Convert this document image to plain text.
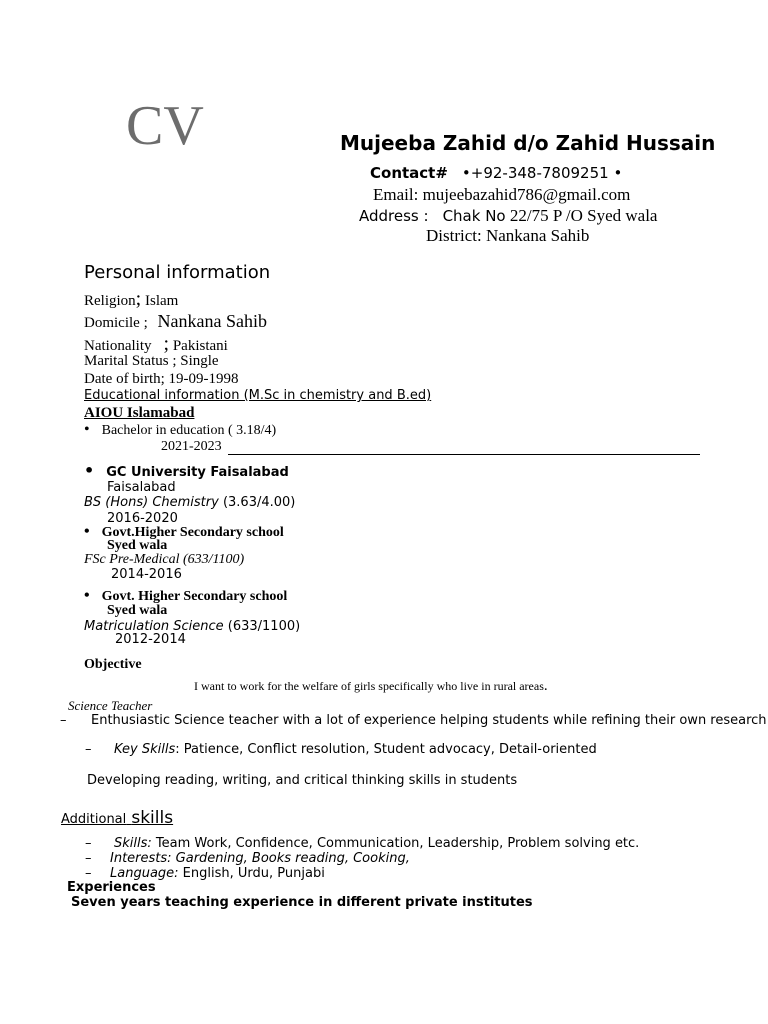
CV	Mujeeba Zahid d/o Zahid Hussain
Contact# •+92-348-7809251 •
Email: mujeebazahid786@gmail.com
Address : Chak No 22/75 P /O Syed wala
District: Nankana Sahib
Personal information
Religion; Islam
Domicile ; Nankana Sahib
Nationality ; Pakistani
Marital Status ; Single
Date of birth; 19-09-1998
Educational information (M.Sc in chemistry and B.ed)
AIOU Islamabad
• Bachelor in education ( 3.18/4)
2021-2023
• GC University Faisalabad
Faisalabad
BS (Hons) Chemistry (3.63/4.00)
2016-2020
• Govt.Higher Secondary school
Syed wala
FSc Pre-Medical (633/1100)
2014-2016
• Govt. Higher Secondary school
Syed wala
Matriculation Science (633/1100)
2012-2014
Objective
I want to work for the welfare of girls specifically who live in rural areas.
Science Teacher
– Enthusiastic Science teacher with a lot of experience helping students while refining their own research
– Key Skills: Patience, Conflict resolution, Student advocacy, Detail-oriented
Developing reading, writing, and critical thinking skills in students
Additional skills
– Skills: Team Work, Confidence, Communication, Leadership, Problem solving etc.
– Interests: Gardening, Books reading, Cooking,
– Language: English, Urdu, Punjabi
Experiences
Seven years teaching experience in different private institutes
